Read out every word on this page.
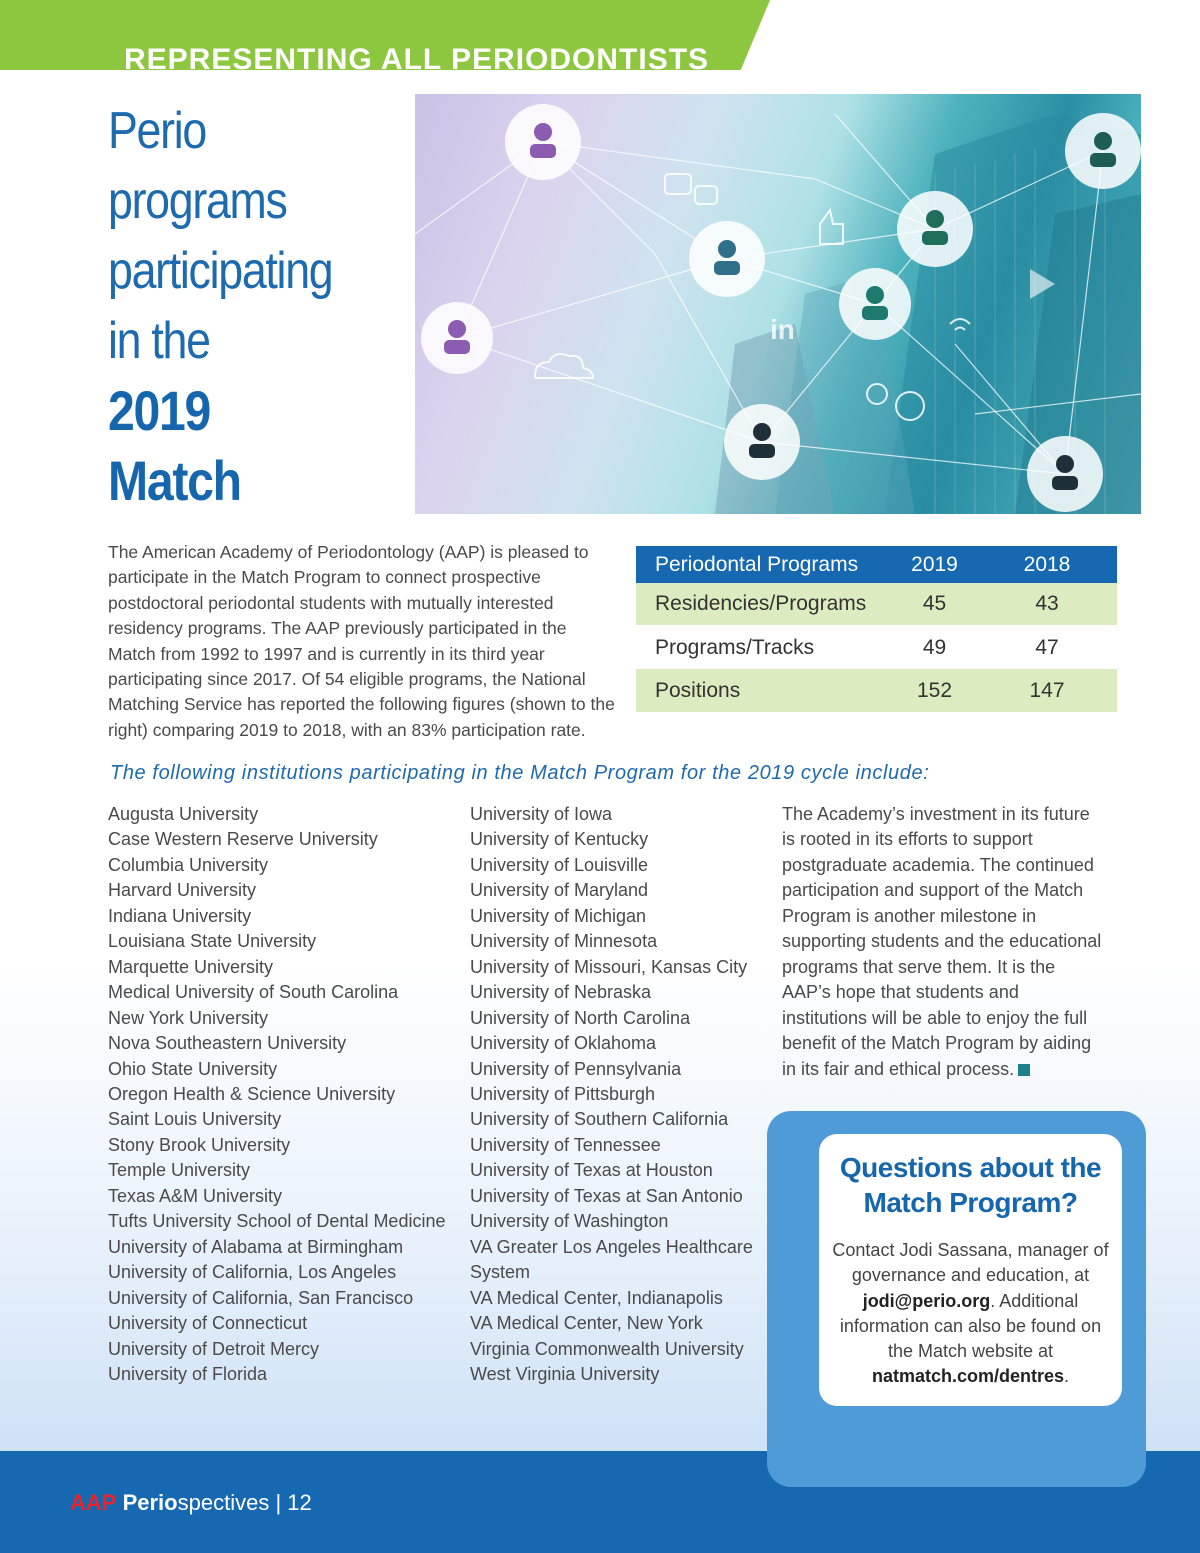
REPRESENTING ALL PERIODONTISTS
Perio
programs
participating
in the
2019
Match
in

The American Academy of Periodontology (AAP) is pleased to participate in the Match Program to connect prospective postdoctoral periodontal students with mutually interested residency programs. The AAP previously participated in the Match from 1992 to 1997 and is currently in its third year participating since 2017. Of 54 eligible programs, the National Matching Service has reported the following figures (shown to the right) comparing 2019 to 2018, with an 83% participation rate.

Periodontal Programs	2019	2018
Residencies/Programs	45	43
Programs/Tracks	49	47
Positions	152	147
The following institutions participating in the Match Program for the 2019 cycle include:
Augusta University
Case Western Reserve University
Columbia University
Harvard University
Indiana University
Louisiana State University
Marquette University
Medical University of South Carolina
New York University
Nova Southeastern University
Ohio State University
Oregon Health & Science University
Saint Louis University
Stony Brook University
Temple University
Texas A&M University
Tufts University School of Dental Medicine
University of Alabama at Birmingham
University of California, Los Angeles
University of California, San Francisco
University of Connecticut
University of Detroit Mercy
University of Florida
University of Iowa
University of Kentucky
University of Louisville
University of Maryland
University of Michigan
University of Minnesota
University of Missouri, Kansas City
University of Nebraska
University of North Carolina
University of Oklahoma
University of Pennsylvania
University of Pittsburgh
University of Southern California
University of Tennessee
University of Texas at Houston
University of Texas at San Antonio
University of Washington
VA Greater Los Angeles Healthcare
System
VA Medical Center, Indianapolis
VA Medical Center, New York
Virginia Commonwealth University
West Virginia University

The Academy’s investment in its future is rooted in its efforts to support postgraduate academia. The continued participation and support of the Match Program is another milestone in supporting students and the educational programs that serve them. It is the AAP’s hope that students and institutions will be able to enjoy the full benefit of the Match Program by aiding in its fair and ethical process.

Questions about the
Match Program?
Contact Jodi Sassana, manager of governance and education, at jodi@perio.org. Additional information can also be found on the Match website at natmatch.com/dentres.
AAP Periospectives | 12
